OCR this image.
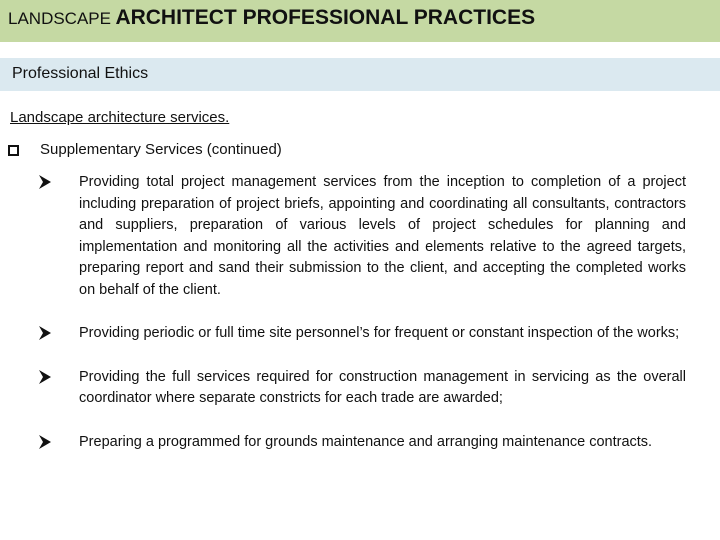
LANDSCAPE ARCHITECT PROFESSIONAL PRACTICES
Professional Ethics
Landscape architecture services.
Supplementary Services (continued)

Providing total project management services from the inception to completion of a project including preparation of project briefs, appointing and coordinating all consultants, contractors and suppliers, preparation of various levels of project schedules for planning and implementation and monitoring all the activities and elements relative to the agreed targets, preparing report and sand their submission to the client, and accepting the completed works on behalf of the client.

Providing periodic or full time site personnel’s for frequent or constant inspection of the works;

Providing the full services required for construction management in servicing as the overall coordinator where separate constricts for each trade are awarded;

Preparing a programmed for grounds maintenance and arranging maintenance contracts.
